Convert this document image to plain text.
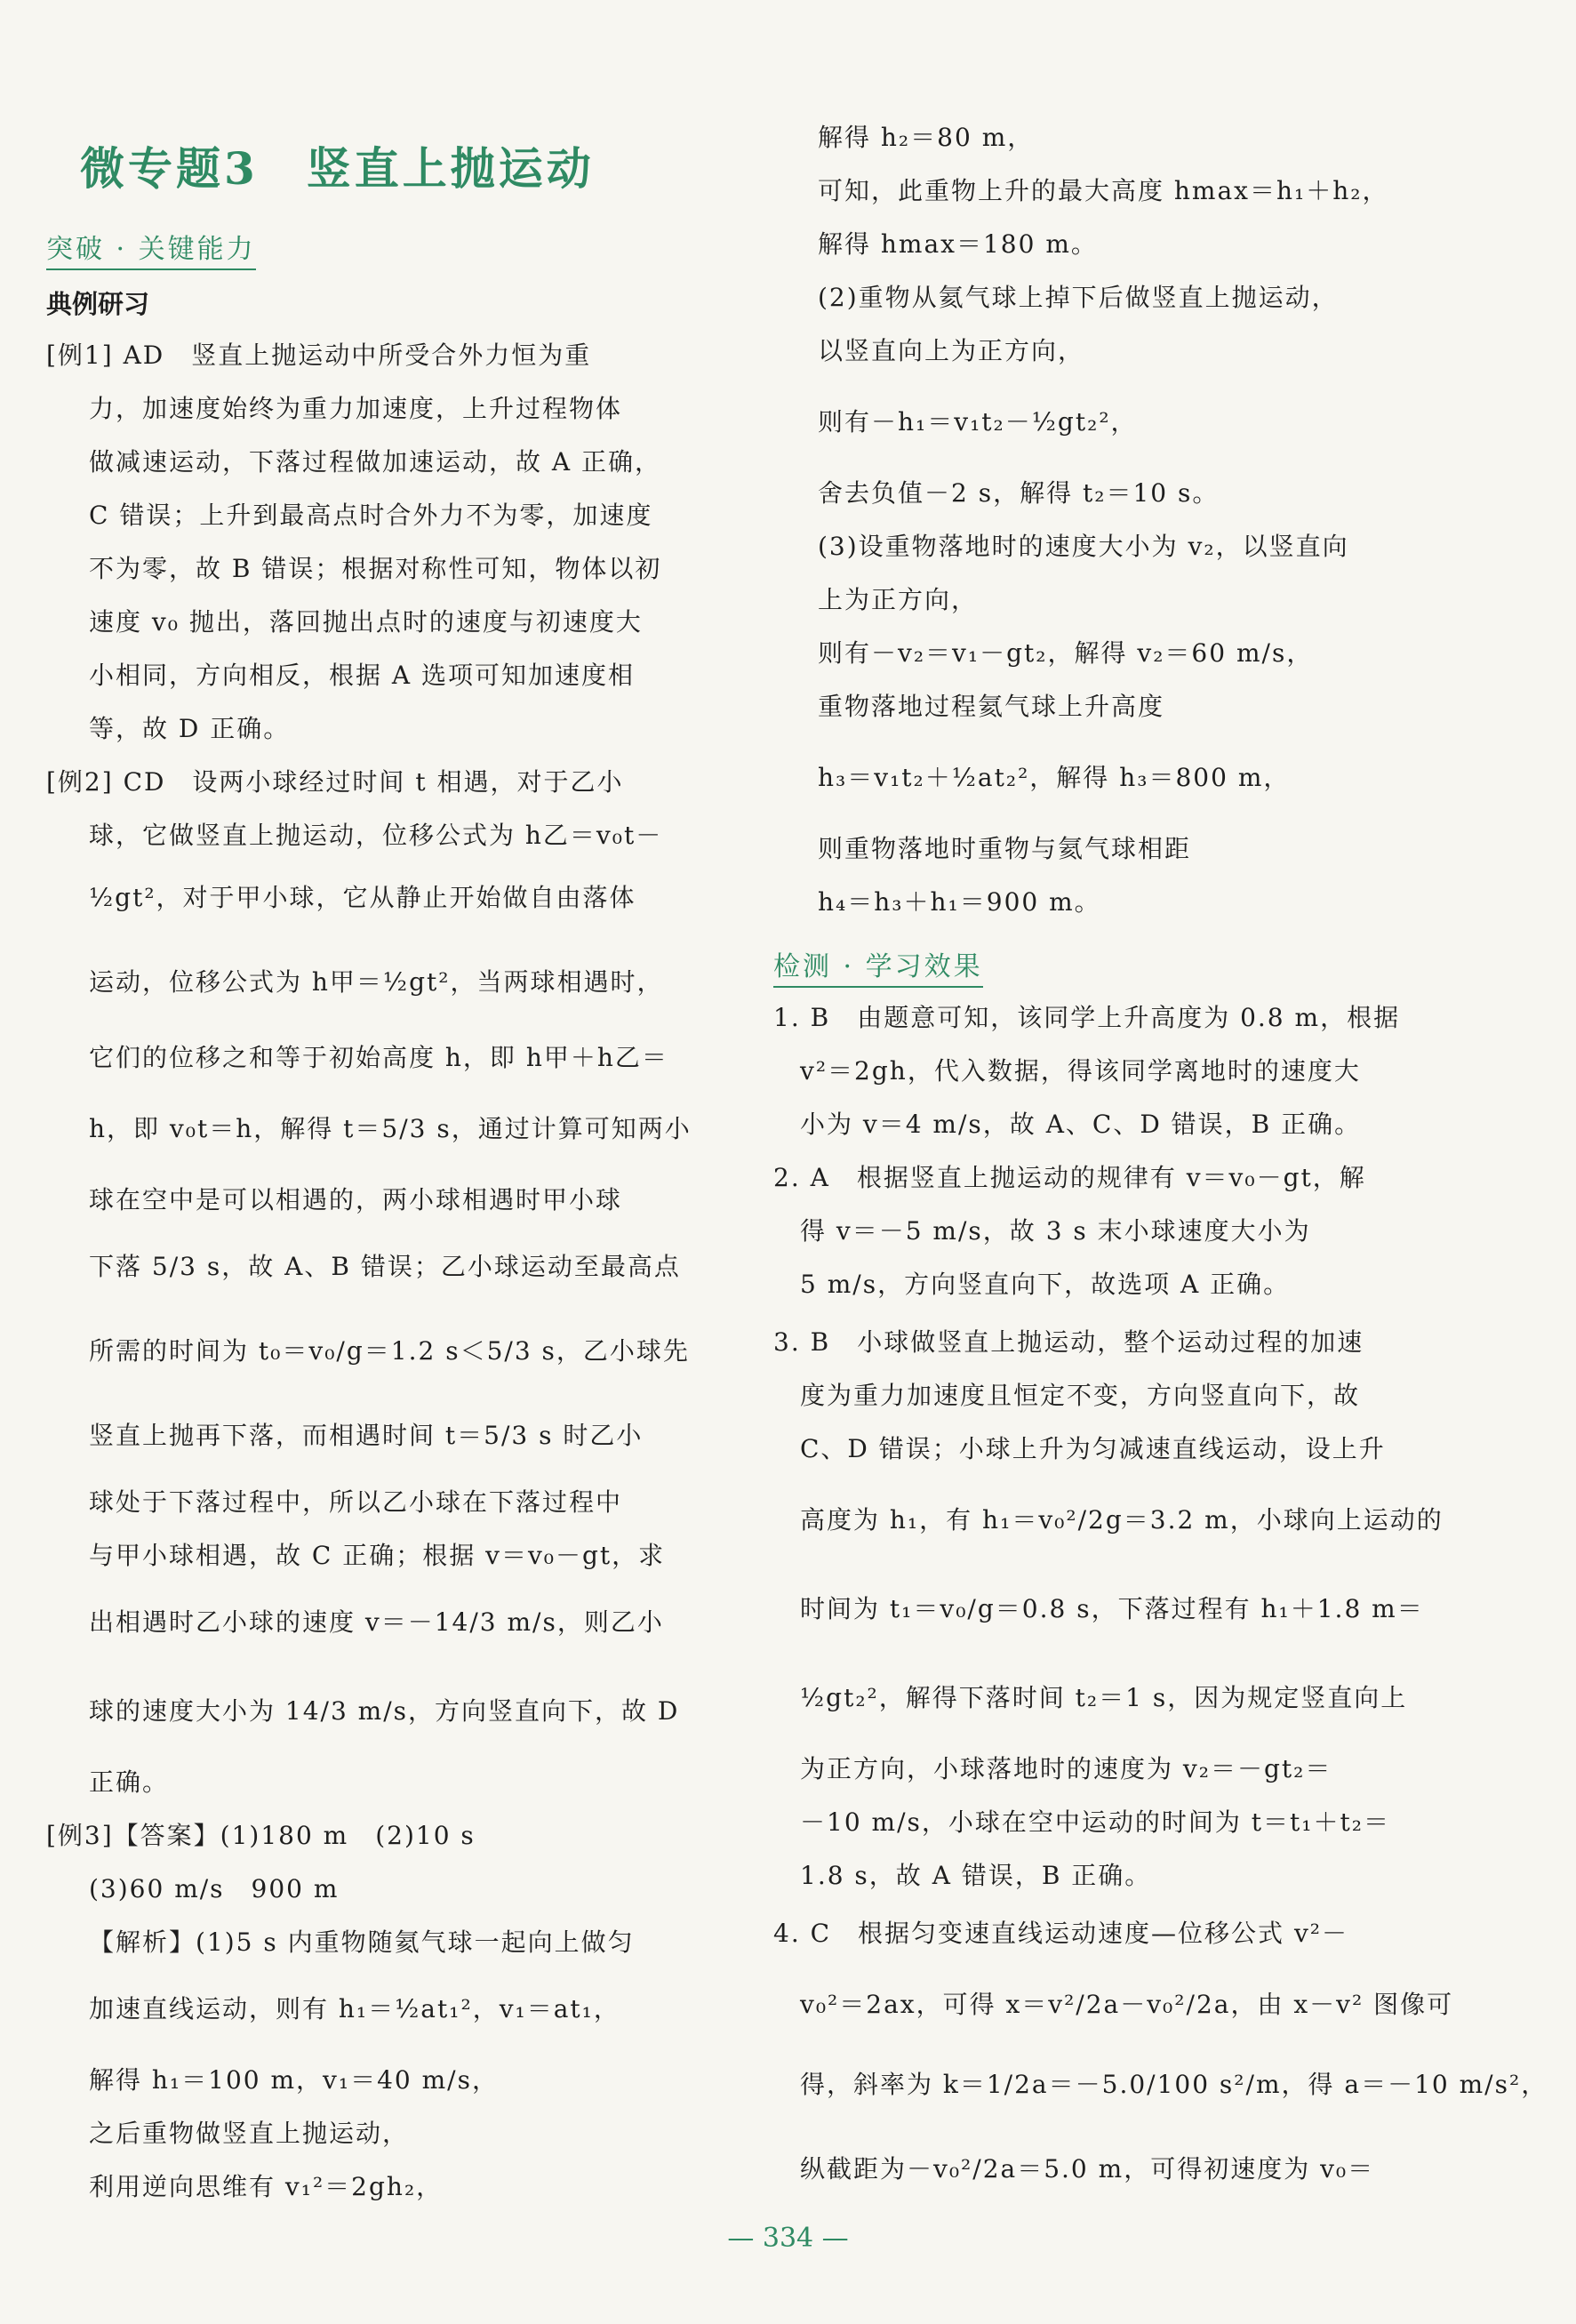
微专题3　竖直上抛运动
突破 · 关键能力
典例研习
[例1] AD　竖直上抛运动中所受合外力恒为重
力，加速度始终为重力加速度，上升过程物体
做减速运动，下落过程做加速运动，故 A 正确，
C 错误；上升到最高点时合外力不为零，加速度
不为零，故 B 错误；根据对称性可知，物体以初
速度 v₀ 抛出，落回抛出点时的速度与初速度大
小相同，方向相反，根据 A 选项可知加速度相
等，故 D 正确。
[例2] CD　设两小球经过时间 t 相遇，对于乙小
球，它做竖直上抛运动，位移公式为 h乙＝v₀t－
½gt²，对于甲小球，它从静止开始做自由落体
运动，位移公式为 h甲＝½gt²，当两球相遇时，
它们的位移之和等于初始高度 h，即 h甲＋h乙＝
h，即 v₀t＝h，解得 t＝5/3 s，通过计算可知两小
球在空中是可以相遇的，两小球相遇时甲小球
下落 5/3 s，故 A、B 错误；乙小球运动至最高点
所需的时间为 t₀＝v₀/g＝1.2 s＜5/3 s，乙小球先
竖直上抛再下落，而相遇时间 t＝5/3 s 时乙小
球处于下落过程中，所以乙小球在下落过程中
与甲小球相遇，故 C 正确；根据 v＝v₀－gt，求
出相遇时乙小球的速度 v＝－14/3 m/s，则乙小
球的速度大小为 14/3 m/s，方向竖直向下，故 D
正确。
[例3]【答案】(1)180 m　(2)10 s
(3)60 m/s　900 m
【解析】(1)5 s 内重物随氦气球一起向上做匀
加速直线运动，则有 h₁＝½at₁²，v₁＝at₁，
解得 h₁＝100 m，v₁＝40 m/s，
之后重物做竖直上抛运动，
利用逆向思维有 v₁²＝2gh₂，
解得 h₂＝80 m，
可知，此重物上升的最大高度 hmax＝h₁＋h₂，
解得 hmax＝180 m。
(2)重物从氦气球上掉下后做竖直上抛运动，
以竖直向上为正方向，
则有－h₁＝v₁t₂－½gt₂²，
舍去负值－2 s，解得 t₂＝10 s。
(3)设重物落地时的速度大小为 v₂，以竖直向
上为正方向，
则有－v₂＝v₁－gt₂，解得 v₂＝60 m/s，
重物落地过程氦气球上升高度
h₃＝v₁t₂＋½at₂²，解得 h₃＝800 m，
则重物落地时重物与氦气球相距
h₄＝h₃＋h₁＝900 m。
检测 · 学习效果
1. B　由题意可知，该同学上升高度为 0.8 m，根据
v²＝2gh，代入数据，得该同学离地时的速度大
小为 v＝4 m/s，故 A、C、D 错误，B 正确。
2. A　根据竖直上抛运动的规律有 v＝v₀－gt，解
得 v＝－5 m/s，故 3 s 末小球速度大小为
5 m/s，方向竖直向下，故选项 A 正确。
3. B　小球做竖直上抛运动，整个运动过程的加速
度为重力加速度且恒定不变，方向竖直向下，故
C、D 错误；小球上升为匀减速直线运动，设上升
高度为 h₁，有 h₁＝v₀²/2g＝3.2 m，小球向上运动的
时间为 t₁＝v₀/g＝0.8 s，下落过程有 h₁＋1.8 m＝
½gt₂²，解得下落时间 t₂＝1 s，因为规定竖直向上
为正方向，小球落地时的速度为 v₂＝－gt₂＝
－10 m/s，小球在空中运动的时间为 t＝t₁＋t₂＝
1.8 s，故 A 错误，B 正确。
4. C　根据匀变速直线运动速度—位移公式 v²－
v₀²＝2ax，可得 x＝v²/2a－v₀²/2a，由 x－v² 图像可
得，斜率为 k＝1/2a＝－5.0/100 s²/m，得 a＝－10 m/s²，
纵截距为－v₀²/2a＝5.0 m，可得初速度为 v₀＝
— 334 —
